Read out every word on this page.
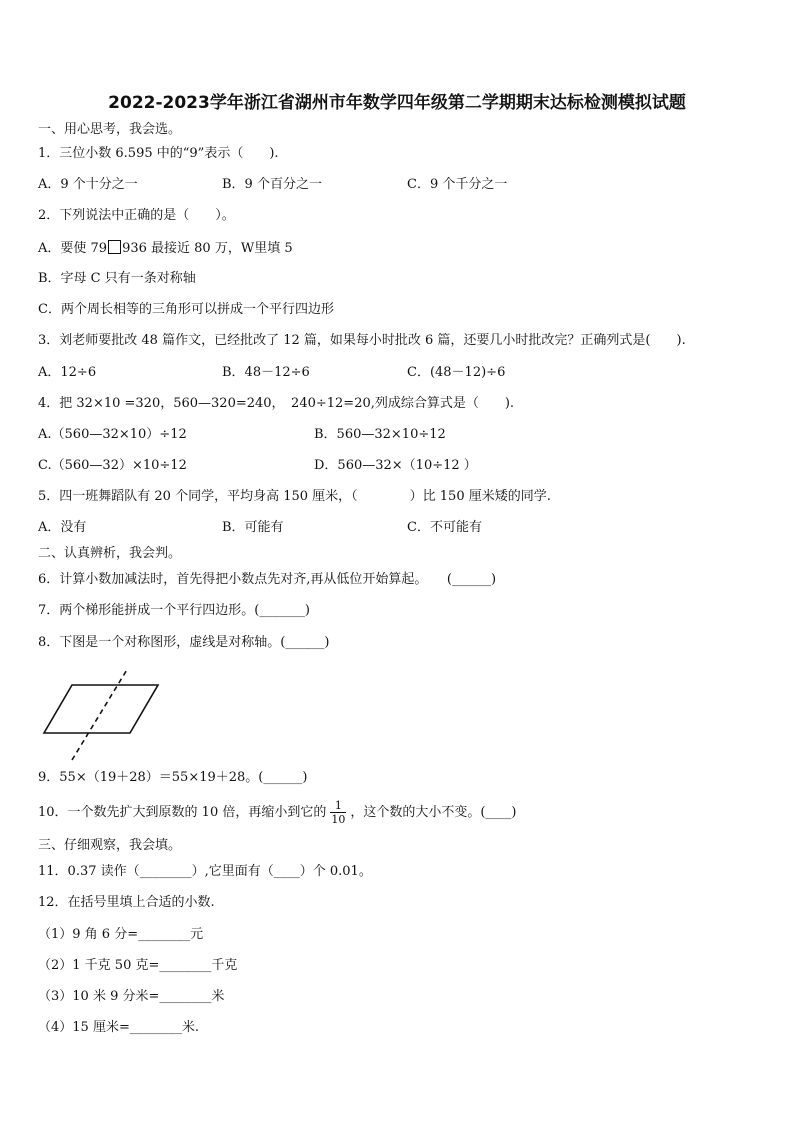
2022-2023学年浙江省湖州市年数学四年级第二学期期末达标检测模拟试题
一、用心思考，我会选。
1．三位小数 6.595 中的“9”表示（　　).
A．9 个十分之一	B．9 个百分之一	C．9 个千分之一
2．下列说法中正确的是（　　）。
A．要使 79 936 最接近 80 万，W里填 5
B．字母 C 只有一条对称轴
C．两个周长相等的三角形可以拼成一个平行四边形
3．刘老师要批改 48 篇作文，已经批改了 12 篇，如果每小时批改 6 篇，还要几小时批改完？正确列式是(　　).
A．12÷6	B．48－12÷6	C．(48－12)÷6
4．把 32×10 =320，560—320=240，　240÷12=20,列成综合算式是（　　).
A.（560—32×10）÷12	B．560—32×10÷12
C.（560—32）×10÷12	D．560—32×（10÷12 ）
5．四一班舞蹈队有 20 个同学，平均身高 150 厘米，（　　　　）比 150 厘米矮的同学.
A．没有	B．可能有	C．不可能有
二、认真辨析，我会判。
6．计算小数加减法时，首先得把小数点先对齐,再从低位开始算起。　　(______)
7．两个梯形能拼成一个平行四边形。(_______)
8．下图是一个对称图形，虚线是对称轴。(______)
9．55×（19＋28）＝55×19＋28。(______)
10．一个数先扩大到原数的 10 倍，再缩小到它的 $\frac{1}{10}$ ，这个数的大小不变。(____)
三、仔细观察，我会填。
11．0.37 读作（________）,它里面有（____）个 0.01。
12．在括号里填上合适的小数.
（1）9 角 6 分=________元
（2）1 千克 50 克=________千克
（3）10 米 9 分米=________米
（4）15 厘米=________米.
